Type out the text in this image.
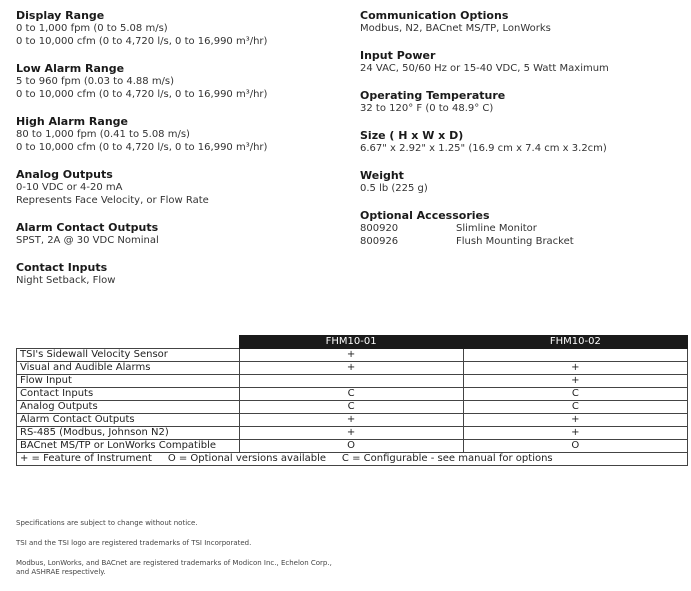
Display Range
0 to 1,000 fpm (0 to 5.08 m/s)
0 to 10,000 cfm (0 to 4,720 l/s, 0 to 16,990 m³/hr)
Low Alarm Range
5 to 960 fpm (0.03 to 4.88 m/s)
0 to 10,000 cfm (0 to 4,720 l/s, 0 to 16,990 m³/hr)
High Alarm Range
80 to 1,000 fpm (0.41 to 5.08 m/s)
0 to 10,000 cfm (0 to 4,720 l/s, 0 to 16,990 m³/hr)
Analog Outputs
0-10 VDC or 4-20 mA
Represents Face Velocity, or Flow Rate
Alarm Contact Outputs
SPST, 2A @ 30 VDC Nominal
Contact Inputs
Night Setback, Flow
Communication Options
Modbus, N2, BACnet MS/TP, LonWorks
Input Power
24 VAC, 50/60 Hz or 15-40 VDC, 5 Watt Maximum
Operating Temperature
32 to 120° F (0 to 48.9° C)
Size ( H x W x D)
6.67" x 2.92" x 1.25" (16.9 cm x 7.4 cm x 3.2cm)
Weight
0.5 lb (225 g)
Optional Accessories
800920	Slimline Monitor
800926	Flush Mounting Bracket
	FHM10-01	FHM10-02
TSI's Sidewall Velocity Sensor	+	
Visual and Audible Alarms	+	+
Flow Input		+
Contact Inputs	C	C
Analog Outputs	C	C
Alarm Contact Outputs	+	+
RS-485 (Modbus, Johnson N2)	+	+
BACnet MS/TP or LonWorks Compatible	O	O
+ = Feature of Instrument     O = Optional versions available     C = Configurable - see manual for options		
Specifications are subject to change without notice.
TSI and the TSI logo are registered trademarks of TSI Incorporated.
Modbus, LonWorks, and BACnet are registered trademarks of Modicon Inc., Echelon Corp.,
and ASHRAE respectively.
